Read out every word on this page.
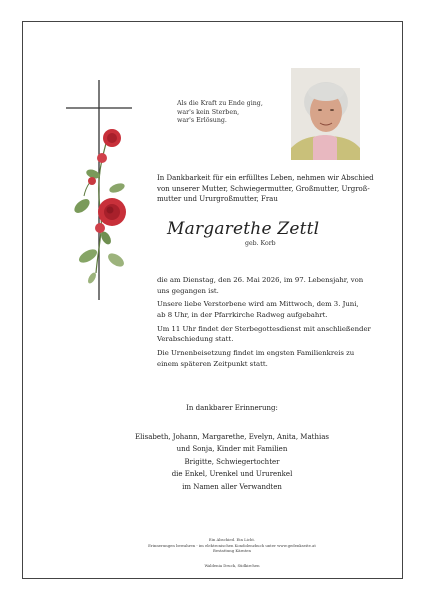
Als die Kraft zu Ende ging,
war's kein Sterben,
war's Erlösung.
In Dankbarkeit für ein erfülltes Leben, nehmen wir Abschied
von unserer Mutter, Schwiegermutter, Großmutter, Urgroß-
mutter und Ururgroßmutter, Frau
Margarethe Zettl
geb. Korb

die am Dienstag, den 26. Mai 2026, im 97. Lebensjahr, von
uns gegangen ist.

Unsere liebe Verstorbene wird am Mittwoch, dem 3. Juni,
ab 8 Uhr, in der Pfarrkirche Radweg aufgebahrt.

Um 11 Uhr findet der Sterbegottesdienst mit anschließender
Verabschiedung statt.

Die Urnenbeisetzung findet im engsten Familienkreis zu
einem späteren Zeitpunkt statt.

In dankbarer Erinnerung:
Elisabeth, Johann, Margarethe, Evelyn, Anita, Mathias
und Sonja, Kinder mit Familien
Brigitte, Schwiegertochter
die Enkel, Urenkel und Ururenkel
im Namen aller Verwandten
Ein Abschied. Ein Licht.
Erinnerungen bewahren - im elektronischen Kondolenzbuch unter www.gedenkseite.at
Bestattung Kärnten
Waldenia Druck, Südkirchen
